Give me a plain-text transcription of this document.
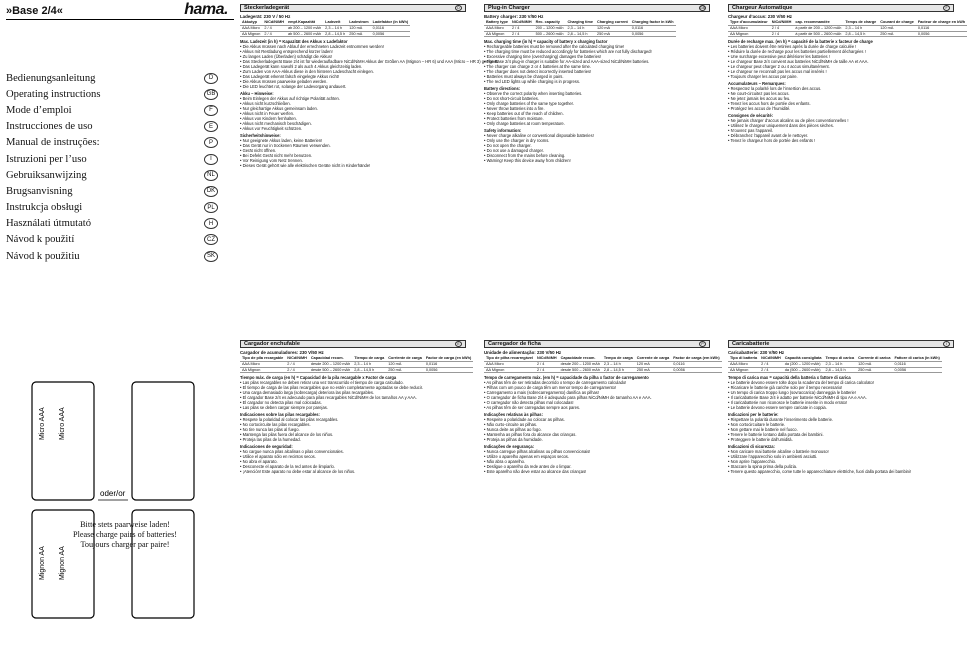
»Base 2/4«	hama.
Bedienungsanleitung	D
Operating instructions	GB
Mode d’emploi	F
Instrucciones de uso	E
Manual de instruções:	P
Istruzioni per l’uso	I
Gebruiksanwijzing	NL
Brugsanvisning	DK
Instrukcja obsługi	PL
Használati útmutató	H
Návod k použití	CZ
Návod k použitiu	SK
Micro AAA Micro AAA
Mignon AA Mignon AA
oder/or
Bitte stets paarweise laden!
Please charge pairs of batteries!
Toujours charger par paire!
Steckerladegerät	D
Ladegerät: 230 V / 50 Hz
Akkutyp	NiCd/NiMH	empf.Kapazität	Ladezeit	Ladestrom	Ladefaktor (in kWh)
AAA Micro	2 / 4	ab 200 – 1200 mAh	2,3 – 14 h	120 mA	0,0116
AA Mignon	2 / 4	ab 500 – 2600 mAh	2,8 – 14,5 h	250 mA	0,0056
Max. Ladezeit (in h) = Kapazität des Akkus x Ladefaktor
• Die Akkus müssen nach Ablauf der errechneten Ladezeit entnommen werden!
• Akkus mit Restladung entsprechend kürzer laden!
• Zu langes Laden (Überladen) schädigt die Akkus!
• Das Steckerladegerät Base 2/4 ist für wiederaufladbare NiCd/NiMH Akkus der Größen AA (Mignon – HR 6) und AAA (Micro – HR 3) geeignet!
• Das Ladegerät kann sowohl 2 als auch 4 Akkus gleichzeitig laden.
• Zum Laden von AAA-Akkus diese in den hinteren Ladeschacht einlegen.
• Das Ladegerät erkennt falsch eingelegte Akkus nicht!
• Die Akkus müssen paarweise geladen werden.
• Die LED leuchtet rot, solange der Ladevorgang andauert.
Akku – Hinweise:
• Beim Einlegen der Akkus auf richtige Polarität achten.
• Akkus nicht kurzschließen.
• Nur gleichartige Akkus gemeinsam laden.
• Akkus nicht in Feuer werfen.
• Akkus von Kindern fernhalten.
• Akkus nicht mechanisch beschädigen.
• Akkus vor Feuchtigkeit schützen.
Sicherheitshinweise:
• Nur geeignete Akkus laden, keine Batterien!
• Das Gerät nur in trockenen Räumen verwenden.
• Gerät nicht öffnen.
• Bei Defekt Gerät nicht mehr benutzen.
• Vor Reinigung vom Netz trennen.
• Dieses Gerät gehört wie alle elektrischen Geräte nicht in Kinderhände!
Plug-in Charger	GB
Battery charger: 230 V/50 Hz
Battery type	NiCd/NiMH	Rec. capacity	Charging time	Charging current	Charging factor in kWh
AAA Micro	2 / 4	200 – 1200 mAh	2,3 – 14 h	120 mA	0,0116
AA Mignon	2 / 4	500 – 2600 mAh	2,8 – 14,5 h	250 mA	0,0056
Max. charging time (in h) = capacity of battery x charging factor
• Rechargeable batteries must be removed after the calculated charging time!
• The charging time must be reduced accordingly for batteries which are not fully discharged!
• Excessive charging time (overcharging) damages the batteries!
• The Base 2/4 plug-in charger is suitable for AA-sized and AAA-sized NiCd/NiMH batteries.
• The charger can charge 2 or 4 batteries at the same time.
• The charger does not detect incorrectly inserted batteries!
• Batteries must always be charged in pairs.
• The red LED lights up while charging is in progress.
Battery directions:
• Observe the correct polarity when inserting batteries.
• Do not short-circuit batteries.
• Only charge batteries of the same type together.
• Never throw batteries into a fire.
• Keep batteries out of the reach of children.
• Protect batteries from moisture.
• Only charge batteries at room temperature.
Safety information:
• Never charge alkaline or conventional disposable batteries!
• Only use the charger in dry rooms.
• Do not open the charger.
• Do not use a damaged charger.
• Disconnect from the mains before cleaning.
• Warning! Keep this device away from children!
Chargeur Automatique	F
Chargeur d’accus: 230 V/50 Hz
Type d’accumulateur	NiCd/NiMH	cap. recommandée	Temps de charge	Courant de charge	Facteur de charge en kWh
AAA Micro	2 / 4	à partir de 200 – 1200 mAh	2,3 – 14 h	120 mA	0,0116
AA Mignon	2 / 4	à partir de 500 – 2600 mAh	2,8 – 14,5 h	250 mA	0,0056
Durée de recharge max. (en h) = capacité de la batterie x facteur de charge
• Les batteries doivent être retirées après la durée de charge calculée !
• Réduire la durée de recharge pour les batteries partiellement déchargées !
• Une surcharge excessive peut détériorer les batteries !
• Le chargeur Base 2/4 convient aux batteries NiCd/NiMH de taille AA et AAA.
• Le chargeur peut charger 2 ou 4 accus simultanément.
• Le chargeur ne reconnaît pas les accus mal insérés !
• Toujours charger les accus par paire.
Accumulateurs – Remarques:
• Respectez la polarité lors de l’insertion des accus.
• Ne court-circuitez pas les accus.
• Ne jetez jamais les accus au feu.
• Tenez les accus hors de portée des enfants.
• Protégez les accus de l’humidité.
Consignes de sécurité:
• Ne jamais charger d’accus alcalins ou de piles conventionnelles !
• Utilisez le chargeur uniquement dans des pièces sèches.
• N’ouvrez pas l’appareil.
• Débranchez l’appareil avant de le nettoyer.
• Tenez le chargeur hors de portée des enfants !
Cargador enchufable	E
Cargador de acumuladores: 230 V/50 Hz
Tipo de pila recargable	NiCd/NiMH	Capacidad recom.	Tiempo de carga	Corriente de carga	Factor de carga (en kWh)
AAA Micro	2 / 4	desde 200 – 1200 mAh	2,3 – 14 h	120 mA	0,0116
AA Mignon	2 / 4	desde 500 – 2600 mAh	2,8 – 14,5 h	250 mA	0,0056
Tiempo máx. de carga (en h) = Capacidad de la pila recargable x Factor de carga
• Las pilas recargables se deben retirar una vez transcurrido el tiempo de carga calculado.
• El tiempo de carga de las pilas recargables que no estén completamente agotadas se debe reducir.
• Una carga demasiado larga (sobrecarga) deteriora las pilas recargables.
• El cargador Base 2/4 es adecuado para pilas recargables NiCd/NiMH de los tamaños AA y AAA.
• El cargador no detecta pilas mal colocadas.
• Las pilas se deben cargar siempre por parejas.
Indicaciones sobre las pilas recargables:
• Respete la polaridad al colocar las pilas recargables.
• No cortocircuite las pilas recargables.
• No tire nunca las pilas al fuego.
• Mantenga las pilas fuera del alcance de los niños.
• Proteja las pilas de la humedad.
Indicaciones de seguridad:
• No cargue nunca pilas alcalinas o pilas convencionales.
• Utilice el aparato sólo en recintos secos.
• No abra el aparato.
• Desconecte el aparato de la red antes de limpiarlo.
• ¡Atención! Este aparato no debe estar al alcance de los niños.
Carregador de ficha	P
Unidade de alimentação: 230 V/50 Hz
Tipo de pilha recarregável	NiCd/NiMH	Capacidade recom.	Tempo de carga	Corrente de carga	Factor de carga (em kWh)
AAA Micro	2 / 4	desde 200 – 1200 mAh	2,3 – 14 h	120 mA	0,0116
AA Mignon	2 / 4	desde 500 – 2600 mAh	2,8 – 14,5 h	250 mA	0,0056
Tempo de carregamento máx. (em h) = capacidade da pilha x factor de carregamento
• As pilhas têm de ser retiradas decorrido o tempo de carregamento calculado!
• Pilhas com um pouco de carga têm um menor tempo de carregamento!
• Carregamento a mais (sobrecarregamento) danifica as pilhas!
• O carregador de ficha Base 2/4 é adequado para pilhas NiCd/NiMH de tamanho AA e AAA.
• O carregador não detecta pilhas mal colocadas!
• As pilhas têm de ser carregadas sempre aos pares.
Indicações relativas às pilhas:
• Respeite a polaridade ao colocar as pilhas.
• Não curto-circuite as pilhas.
• Nunca deite as pilhas ao fogo.
• Mantenha as pilhas fora do alcance das crianças.
• Proteja as pilhas da humidade.
Indicações de segurança:
• Nunca carregue pilhas alcalinas ou pilhas convencionais!
• Utilize o aparelho apenas em espaços secos.
• Não abra o aparelho.
• Desligue o aparelho da rede antes de o limpar.
• Este aparelho não deve estar ao alcance das crianças!
Caricabatterie	I
Caricabatterie: 230 V/50 Hz
Tipo di batteria	NiCd/NiMH	Capacità consigliata	Tempo di carica	Corrente di carica	Fattore di carica (in kWh)
AAA Micro	2 / 4	da (200 – 1200 mAh)	2,3 – 14 h	120 mA	0,0116
AA Mignon	2 / 4	da (500 – 2600 mAh)	2,8 – 14,5 h	250 mA	0,0056
Tempo di carica max = capacità della batteria x fattore di carica
• Le batterie devono essere tolte dopo la scadenza del tempo di carica calcolato!
• Ricaricare le batterie già cariche solo per il tempo necessario!
• Un tempo di carica troppo lungo (sovraccarica) danneggia le batterie!
• Il caricabatterie Base 2/4 è adatto per batterie NiCd/NiMH di tipo AA e AAA.
• Il caricabatterie non riconosce le batterie inserite in modo errato!
• Le batterie devono essere sempre caricate in coppia.
Indicazioni per le batterie:
• Rispettare la polarità durante l’inserimento delle batterie.
• Non cortocircuitare le batterie.
• Non gettare mai le batterie nel fuoco.
• Tenere le batterie lontano dalla portata dei bambini.
• Proteggere le batterie dall’umidità.
Indicazioni di sicurezza:
• Non caricare mai batterie alcaline o batterie monouso!
• Utilizzare l’apparecchio solo in ambienti asciutti.
• Non aprire l’apparecchio.
• Staccare la spina prima della pulizia.
• Tenere questo apparecchio, come tutte le apparecchiature elettriche, fuori dalla portata dei bambini!
